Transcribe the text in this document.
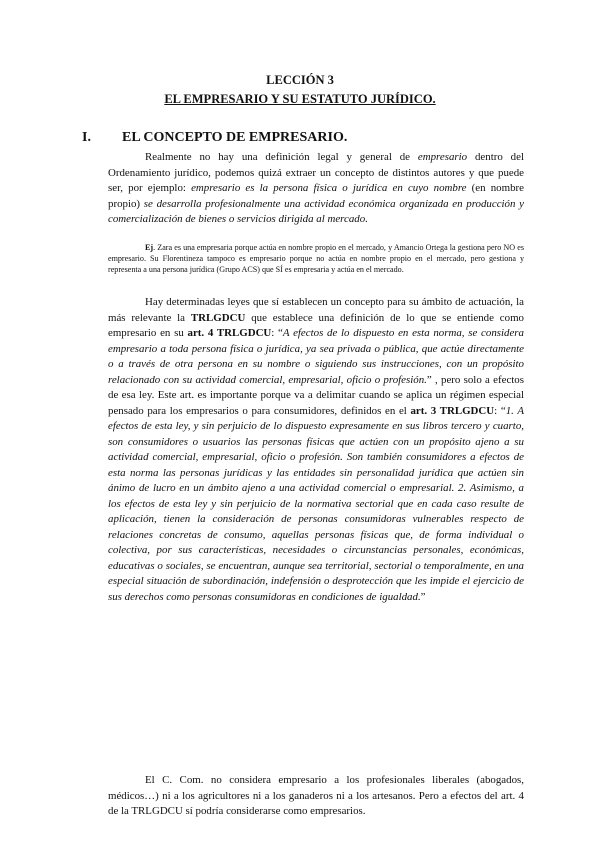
LECCIÓN 3
EL EMPRESARIO Y SU ESTATUTO JURÍDICO.
I. EL CONCEPTO DE EMPRESARIO.

Realmente no hay una definición legal y general de empresario dentro del Ordenamiento jurídico, podemos quizá extraer un concepto de distintos autores y que puede ser, por ejemplo: empresario es la persona física o jurídica en cuyo nombre (en nombre propio) se desarrolla profesionalmente una actividad económica organizada en producción y comercialización de bienes o servicios dirigida al mercado.

Ej. Zara es una empresaria porque actúa en nombre propio en el mercado, y Amancio Ortega la gestiona pero NO es empresario. Su Florentineza tampoco es empresario porque no actúa en nombre propio en el mercado, pero gestiona y representa a una persona jurídica (Grupo ACS) que SÍ es empresaria y actúa en el mercado.

Hay determinadas leyes que sí establecen un concepto para su ámbito de actuación, la más relevante la TRLGDCU que establece una definición de lo que se entiende como empresario en su art. 4 TRLGDCU: “A efectos de lo dispuesto en esta norma, se considera empresario a toda persona física o jurídica, ya sea privada o pública, que actúe directamente o a través de otra persona en su nombre o siguiendo sus instrucciones, con un propósito relacionado con su actividad comercial, empresarial, oficio o profesión.” , pero solo a efectos de esa ley. Este art. es importante porque va a delimitar cuando se aplica un régimen especial pensado para los empresarios o para consumidores, definidos en el art. 3 TRLGDCU: “1. A efectos de esta ley, y sin perjuicio de lo dispuesto expresamente en sus libros tercero y cuarto, son consumidores o usuarios las personas físicas que actúen con un propósito ajeno a su actividad comercial, empresarial, oficio o profesión. Son también consumidores a efectos de esta norma las personas jurídicas y las entidades sin personalidad jurídica que actúen sin ánimo de lucro en un ámbito ajeno a una actividad comercial o empresarial. 2. Asimismo, a los efectos de esta ley y sin perjuicio de la normativa sectorial que en cada caso resulte de aplicación, tienen la consideración de personas consumidoras vulnerables respecto de relaciones concretas de consumo, aquellas personas físicas que, de forma individual o colectiva, por sus características, necesidades o circunstancias personales, económicas, educativas o sociales, se encuentran, aunque sea territorial, sectorial o temporalmente, en una especial situación de subordinación, indefensión o desprotección que les impide el ejercicio de sus derechos como personas consumidoras en condiciones de igualdad.”

El C. Com. no considera empresario a los profesionales liberales (abogados, médicos…) ni a los agricultores ni a los ganaderos ni a los artesanos. Pero a efectos del art. 4 de la TRLGDCU sí podría considerarse como empresarios.
